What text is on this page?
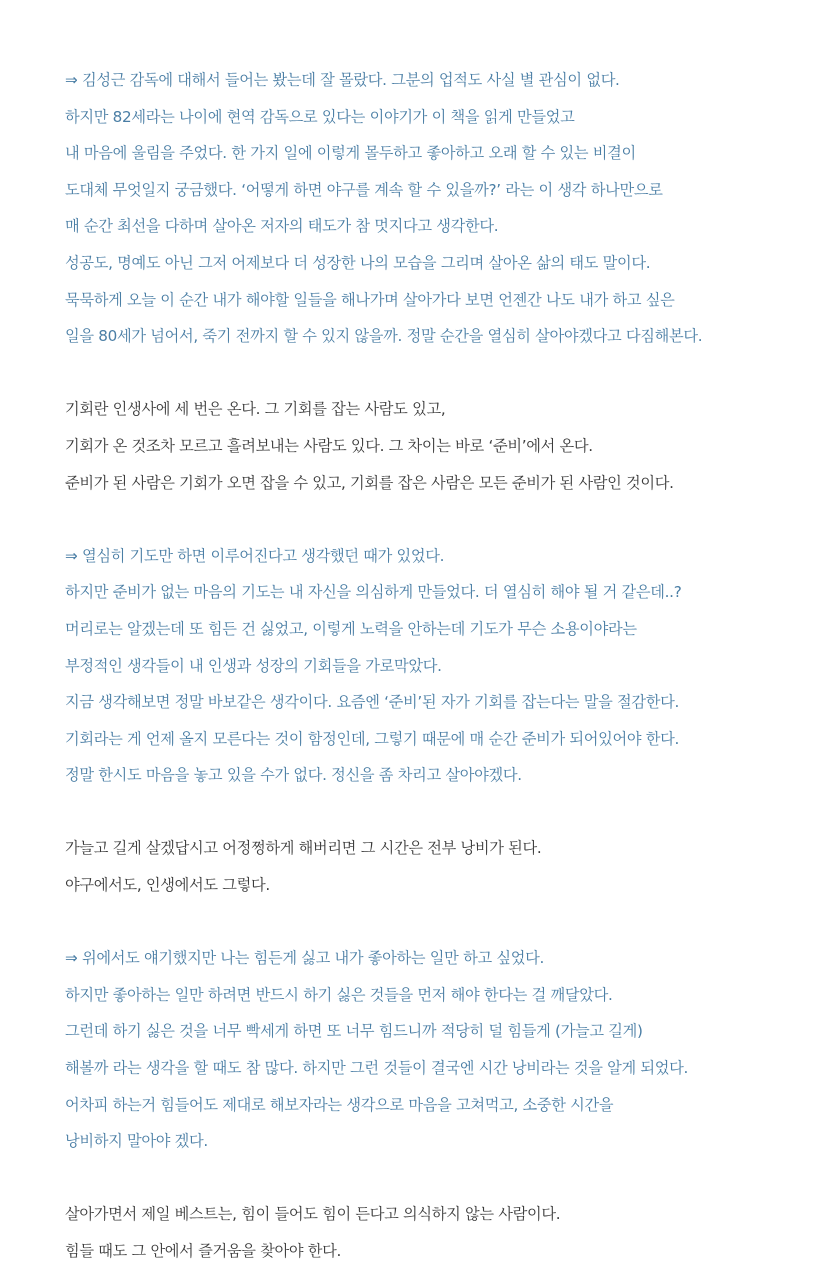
⇒ 김성근 감독에 대해서 들어는 봤는데 잘 몰랐다. 그분의 업적도 사실 별 관심이 없다.
하지만 82세라는 나이에 현역 감독으로 있다는 이야기가 이 책을 읽게 만들었고
내 마음에 울림을 주었다. 한 가지 일에 이렇게 몰두하고 좋아하고 오래 할 수 있는 비결이
도대체 무엇일지 궁금했다. ‘어떻게 하면 야구를 계속 할 수 있을까?’ 라는 이 생각 하나만으로
매 순간 최선을 다하며 살아온 저자의 태도가 참 멋지다고 생각한다.
성공도, 명예도 아닌 그저 어제보다 더 성장한 나의 모습을 그리며 살아온 삶의 태도 말이다.
묵묵하게 오늘 이 순간 내가 해야할 일들을 해나가며 살아가다 보면 언젠간 나도 내가 하고 싶은
일을 80세가 넘어서, 죽기 전까지 할 수 있지 않을까. 정말 순간을 열심히 살아야겠다고 다짐해본다.
기회란 인생사에 세 번은 온다. 그 기회를 잡는 사람도 있고,
기회가 온 것조차 모르고 흘려보내는 사람도 있다. 그 차이는 바로 ‘준비’에서 온다.
준비가 된 사람은 기회가 오면 잡을 수 있고, 기회를 잡은 사람은 모든 준비가 된 사람인 것이다.
⇒ 열심히 기도만 하면 이루어진다고 생각했던 때가 있었다.
하지만 준비가 없는 마음의 기도는 내 자신을 의심하게 만들었다. 더 열심히 해야 될 거 같은데..?
머리로는 알겠는데 또 힘든 건 싫었고, 이렇게 노력을 안하는데 기도가 무슨 소용이야라는
부정적인 생각들이 내 인생과 성장의 기회들을 가로막았다.
지금 생각해보면 정말 바보같은 생각이다. 요즘엔 ‘준비’된 자가 기회를 잡는다는 말을 절감한다.
기회라는 게 언제 올지 모른다는 것이 함정인데, 그렇기 때문에 매 순간 준비가 되어있어야 한다.
정말 한시도 마음을 놓고 있을 수가 없다. 정신을 좀 차리고 살아야겠다.
가늘고 길게 살겠답시고 어정쩡하게 해버리면 그 시간은 전부 낭비가 된다.
야구에서도, 인생에서도 그렇다.
⇒ 위에서도 얘기했지만 나는 힘든게 싫고 내가 좋아하는 일만 하고 싶었다.
하지만 좋아하는 일만 하려면 반드시 하기 싫은 것들을 먼저 해야 한다는 걸 깨달았다.
그런데 하기 싫은 것을 너무 빡세게 하면 또 너무 힘드니까 적당히 덜 힘들게 (가늘고 길게)
해볼까 라는 생각을 할 때도 참 많다. 하지만 그런 것들이 결국엔 시간 낭비라는 것을 알게 되었다.
어차피 하는거 힘들어도 제대로 해보자라는 생각으로 마음을 고쳐먹고, 소중한 시간을
낭비하지 말아야 겠다.
살아가면서 제일 베스트는, 힘이 들어도 힘이 든다고 의식하지 않는 사람이다.
힘들 때도 그 안에서 즐거움을 찾아야 한다.
